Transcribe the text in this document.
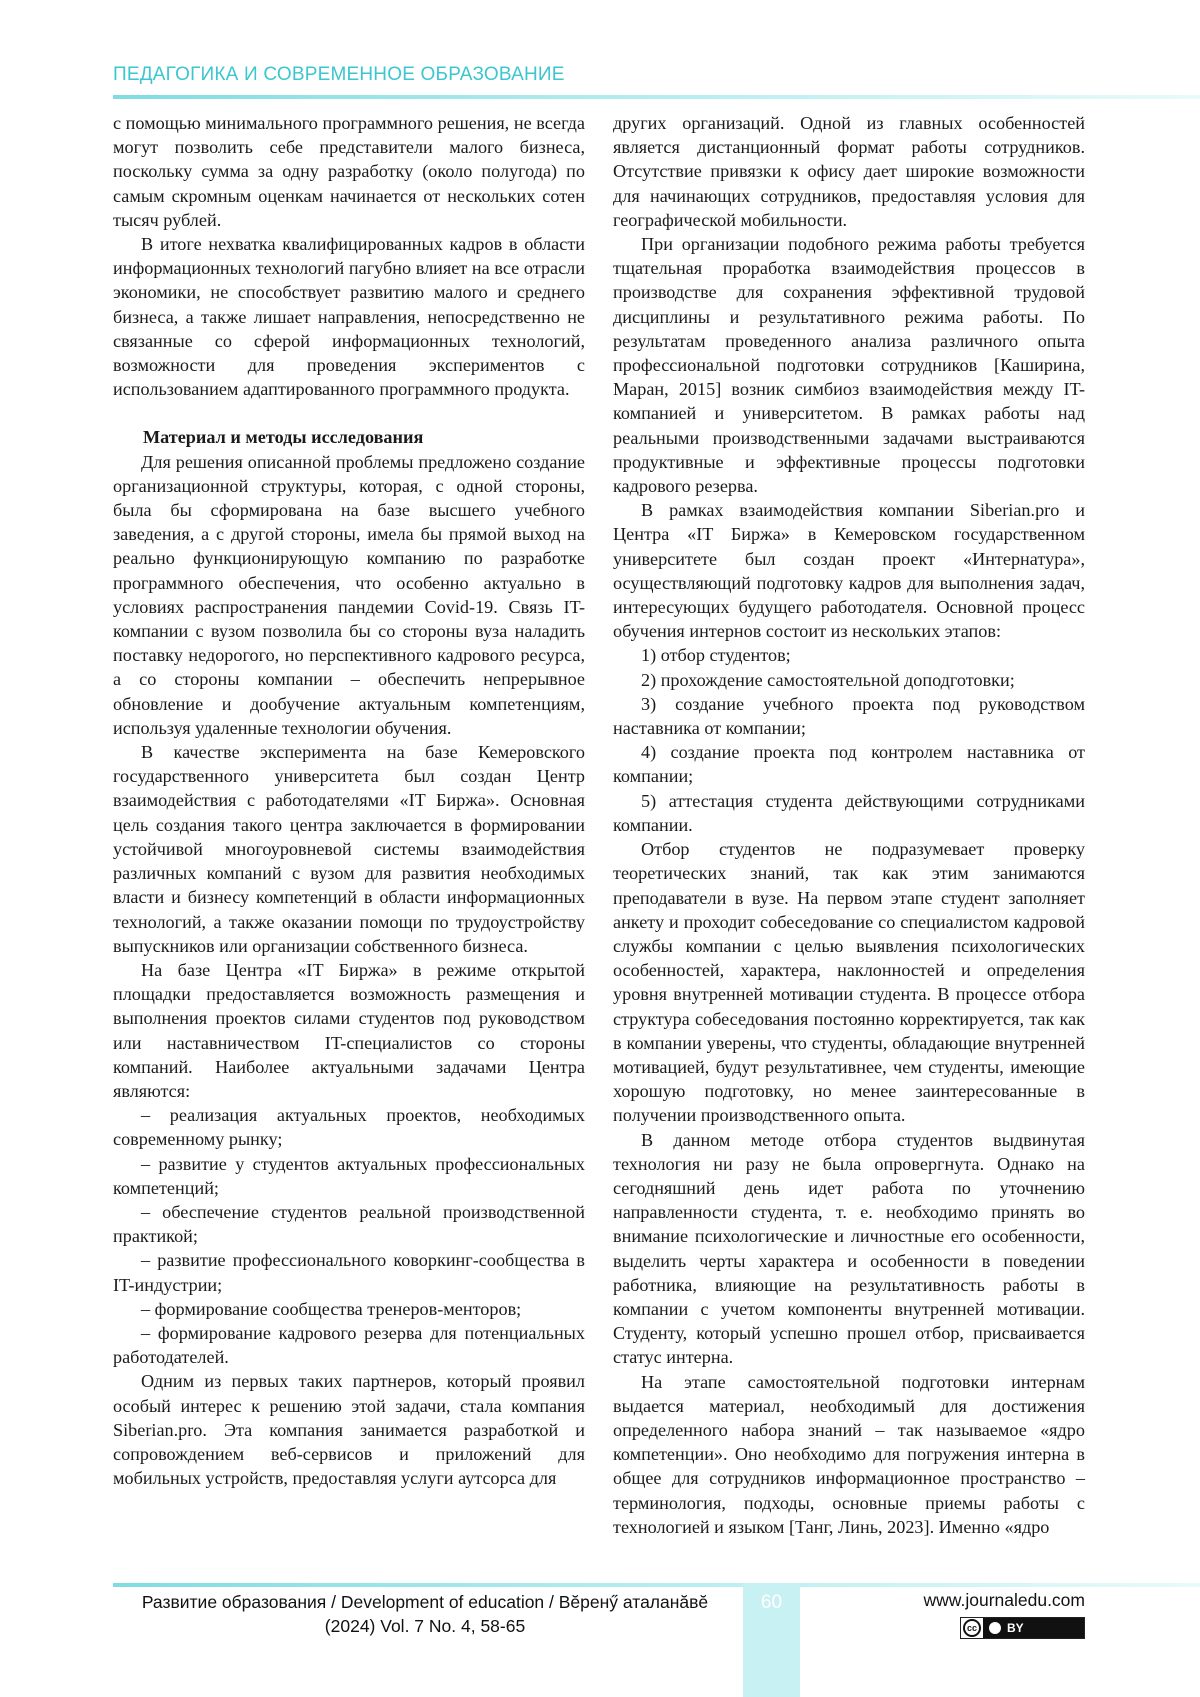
ПЕДАГОГИКА И СОВРЕМЕННОЕ ОБРАЗОВАНИЕ

с помощью минимального программного решения, не всегда могут позволить себе представители малого бизнеса, поскольку сумма за одну разработку (около полугода) по самым скромным оценкам начинается от нескольких сотен тысяч рублей.

В итоге нехватка квалифицированных кадров в области информационных технологий пагубно влияет на все отрасли экономики, не способствует развитию малого и среднего бизнеса, а также лишает направления, непосредственно не связанные со сферой информационных технологий, возможности для проведения экспериментов с использованием адаптированного программного продукта.

Материал и методы исследования

Для решения описанной проблемы предложено создание организационной структуры, которая, с одной стороны, была бы сформирована на базе высшего учебного заведения, а с другой стороны, имела бы прямой выход на реально функционирующую компанию по разработке программного обеспечения, что особенно актуально в условиях распространения пандемии Covid-19. Связь IT-компании с вузом позволила бы со стороны вуза наладить поставку недорогого, но перспективного кадрового ресурса, а со стороны компании – обеспечить непрерывное обновление и дообучение актуальным компетенциям, используя удаленные технологии обучения.

В качестве эксперимента на базе Кемеровского государственного университета был создан Центр взаимодействия с работодателями «IT Биржа». Основная цель создания такого центра заключается в формировании устойчивой многоуровневой системы взаимодействия различных компаний с вузом для развития необходимых власти и бизнесу компетенций в области информационных технологий, а также оказании помощи по трудоустройству выпускников или организации собственного бизнеса.

На базе Центра «IT Биржа» в режиме открытой площадки предоставляется возможность размещения и выполнения проектов силами студентов под руководством или наставничеством IT-специалистов со стороны компаний. Наиболее актуальными задачами Центра являются:

– реализация актуальных проектов, необходимых современному рынку;

– развитие у студентов актуальных профессиональных компетенций;

– обеспечение студентов реальной производственной практикой;

– развитие профессионального коворкинг-сообщества в IT-индустрии;

– формирование сообщества тренеров-менторов;

– формирование кадрового резерва для потенциальных работодателей.

Одним из первых таких партнеров, который проявил особый интерес к решению этой задачи, стала компания Siberian.pro. Эта компания занимается разработкой и сопровождением веб-сервисов и приложений для мобильных устройств, предоставляя услуги аутсорса для

других организаций. Одной из главных особенностей является дистанционный формат работы сотрудников. Отсутствие привязки к офису дает широкие возможности для начинающих сотрудников, предоставляя условия для географической мобильности.

При организации подобного режима работы требуется тщательная проработка взаимодействия процессов в производстве для сохранения эффективной трудовой дисциплины и результативного режима работы. По результатам проведенного анализа различного опыта профессиональной подготовки сотрудников [Каширина, Маран, 2015] возник симбиоз взаимодействия между IT-компанией и университетом. В рамках работы над реальными производственными задачами выстраиваются продуктивные и эффективные процессы подготовки кадрового резерва.

В рамках взаимодействия компании Siberian.pro и Центра «IT Биржа» в Кемеровском государственном университете был создан проект «Интернатура», осуществляющий подготовку кадров для выполнения задач, интересующих будущего работодателя. Основной процесс обучения интернов состоит из нескольких этапов:

1) отбор студентов;

2) прохождение самостоятельной доподготовки;

3) создание учебного проекта под руководством наставника от компании;

4) создание проекта под контролем наставника от компании;

5) аттестация студента действующими сотрудниками компании.

Отбор студентов не подразумевает проверку теоретических знаний, так как этим занимаются преподаватели в вузе. На первом этапе студент заполняет анкету и проходит собеседование со специалистом кадровой службы компании с целью выявления психологических особенностей, характера, наклонностей и определения уровня внутренней мотивации студента. В процессе отбора структура собеседования постоянно корректируется, так как в компании уверены, что студенты, обладающие внутренней мотивацией, будут результативнее, чем студенты, имеющие хорошую подготовку, но менее заинтересованные в получении производственного опыта.

В данном методе отбора студентов выдвинутая технология ни разу не была опровергнута. Однако на сегодняшний день идет работа по уточнению направленности студента, т. е. необходимо принять во внимание психологические и личностные его особенности, выделить черты характера и особенности в поведении работника, влияющие на результативность работы в компании с учетом компоненты внутренней мотивации. Студенту, который успешно прошел отбор, присваивается статус интерна.

На этапе самостоятельной подготовки интернам выдается материал, необходимый для достижения определенного набора знаний – так называемое «ядро компетенции». Оно необходимо для погружения интерна в общее для сотрудников информационное пространство – терминология, подходы, основные приемы работы с технологией и языком [Танг, Линь, 2023]. Именно «ядро

60
Развитие образования / Development of education / Вĕренӳ аталанăвĕ
(2024) Vol. 7 No. 4, 58-65
www.journaledu.com
cc	BY
